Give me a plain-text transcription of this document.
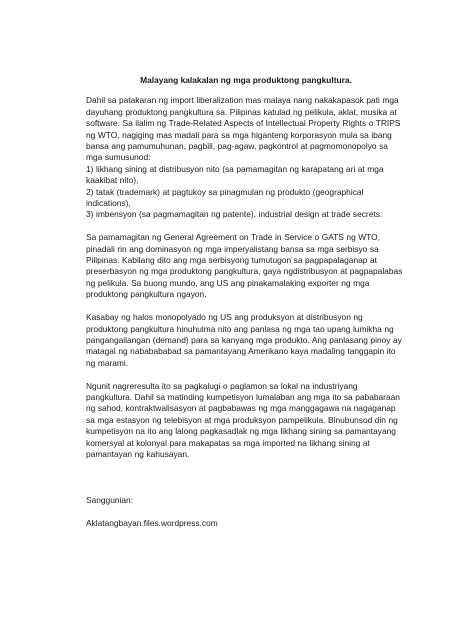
Malayang kalakalan ng mga produktong pangkultura.
Dahil sa patakaran ng import liberalization mas malaya nang nakakapasok pati mga dayuhang produktong pangkultura sa. Pilipinas katulad ng pelikula, aklat, musika at software. Sa ilalim ng Trade-Related Aspects of Intellectual Property Rights o TRIPS ng WTO, nagiging mas madali para sa mga higanteng korporasyon mula sa ibang bansa ang pamumuhunan, pagbili, pag-agaw, pagkontrol at pagmomonopolyo sa mga sumusunod:
1) likhang sining at distribusyon nito (sa pamamagitan ng karapatang ari at mga kaakibat nito),
2) tatak (trademark) at pagtukoy sa pinagmulan ng produkto (geographical indications),
3) imbensyon (sa pagmamagitan ng patente), industrial design at trade secrets.
Sa pamamagitan ng General Agreement on Trade in Service o GATS ng WTO, pinadali rin ang dominasyon ng mga imperyalistang bansa sa mga serbisyo sa Pilipinas. Kabilang dito ang mga serbisyong tumutugon sa pagpapalaganap at preserbasyon ng mga produktong pangkultura, gaya ngdistribusyon at pagpapalabas ng pelikula. Sa buong mundo, ang US ang pinakamalaking exporter ng mga produktong pangkultura ngayon.
Kasabay ng halos monopolyado ng US ang produksyon at distribusyon ng produktong pangkultura hinuhulma nito ang panlasa ng mga tao upang lumikha ng pangangailangan (demand) para sa kanyang mga produkto. Ang panlasang pinoy ay matagal ng nababababad sa pamantayang Amerikano kaya madaling tanggapin ito ng marami.
Ngunit nagreresulta ito sa pagkalugi o paglamon sa lokal na industriyang pangkultura. Dahil sa matinding kumpetisyon lumalaban ang mga ito sa pababaraan ng sahod, kontraktwalisasyon at pagbabawas ng mga manggagawa na nagaganap sa mga estasyon ng telebisyon at mga produksyon pampelikula. Binubunsod din ng kumpetisyon na ito ang lalong pagkasadlak ng mga likhang sining sa pamantayang komersyal at kolonyal para makapatas sa mga imported na likhang sining at pamantayan ng kahusayan.
Sanggunian:
Aklatangbayan.files.wordpress.com
